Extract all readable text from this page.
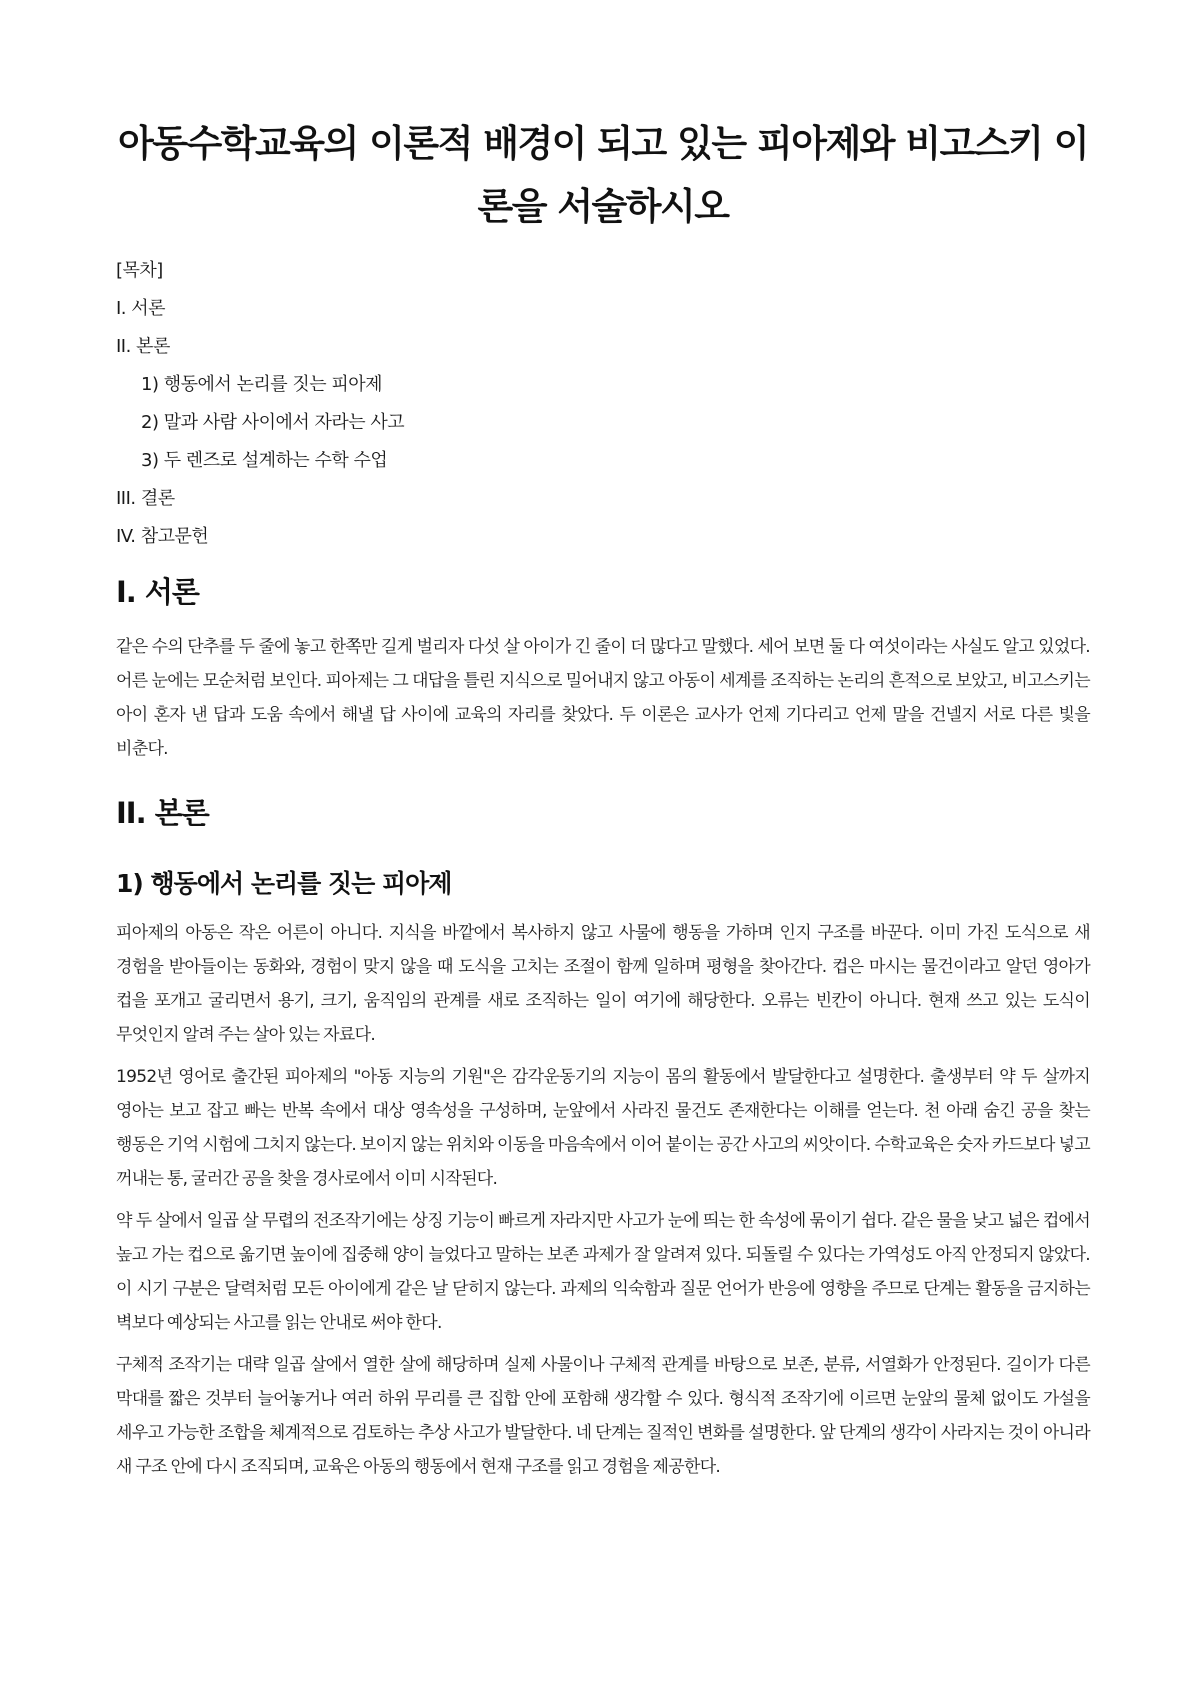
아동수학교육의 이론적 배경이 되고 있는 피아제와 비고스키 이론을 서술하시오
[목차]
I. 서론
II. 본론
1) 행동에서 논리를 짓는 피아제
2) 말과 사람 사이에서 자라는 사고
3) 두 렌즈로 설계하는 수학 수업
III. 결론
IV. 참고문헌
I. 서론

같은 수의 단추를 두 줄에 놓고 한쪽만 길게 벌리자 다섯 살 아이가 긴 줄이 더 많다고 말했다. 세어 보면 둘 다 여섯이라는 사실도 알고 있었다. 어른 눈에는 모순처럼 보인다. 피아제는 그 대답을 틀린 지식으로 밀어내지 않고 아동이 세계를 조직하는 논리의 흔적으로 보았고, 비고스키는 아이 혼자 낸 답과 도움 속에서 해낼 답 사이에 교육의 자리를 찾았다. 두 이론은 교사가 언제 기다리고 언제 말을 건넬지 서로 다른 빛을 비춘다.

II. 본론
1) 행동에서 논리를 짓는 피아제

피아제의 아동은 작은 어른이 아니다. 지식을 바깥에서 복사하지 않고 사물에 행동을 가하며 인지 구조를 바꾼다. 이미 가진 도식으로 새 경험을 받아들이는 동화와, 경험이 맞지 않을 때 도식을 고치는 조절이 함께 일하며 평형을 찾아간다. 컵은 마시는 물건이라고 알던 영아가 컵을 포개고 굴리면서 용기, 크기, 움직임의 관계를 새로 조직하는 일이 여기에 해당한다. 오류는 빈칸이 아니다. 현재 쓰고 있는 도식이 무엇인지 알려 주는 살아 있는 자료다.

1952년 영어로 출간된 피아제의 "아동 지능의 기원"은 감각운동기의 지능이 몸의 활동에서 발달한다고 설명한다. 출생부터 약 두 살까지 영아는 보고 잡고 빠는 반복 속에서 대상 영속성을 구성하며, 눈앞에서 사라진 물건도 존재한다는 이해를 얻는다. 천 아래 숨긴 공을 찾는 행동은 기억 시험에 그치지 않는다. 보이지 않는 위치와 이동을 마음속에서 이어 붙이는 공간 사고의 씨앗이다. 수학교육은 숫자 카드보다 넣고 꺼내는 통, 굴러간 공을 찾을 경사로에서 이미 시작된다.

약 두 살에서 일곱 살 무렵의 전조작기에는 상징 기능이 빠르게 자라지만 사고가 눈에 띄는 한 속성에 묶이기 쉽다. 같은 물을 낮고 넓은 컵에서 높고 가는 컵으로 옮기면 높이에 집중해 양이 늘었다고 말하는 보존 과제가 잘 알려져 있다. 되돌릴 수 있다는 가역성도 아직 안정되지 않았다. 이 시기 구분은 달력처럼 모든 아이에게 같은 날 닫히지 않는다. 과제의 익숙함과 질문 언어가 반응에 영향을 주므로 단계는 활동을 금지하는 벽보다 예상되는 사고를 읽는 안내로 써야 한다.

구체적 조작기는 대략 일곱 살에서 열한 살에 해당하며 실제 사물이나 구체적 관계를 바탕으로 보존, 분류, 서열화가 안정된다. 길이가 다른 막대를 짧은 것부터 늘어놓거나 여러 하위 무리를 큰 집합 안에 포함해 생각할 수 있다. 형식적 조작기에 이르면 눈앞의 물체 없이도 가설을 세우고 가능한 조합을 체계적으로 검토하는 추상 사고가 발달한다. 네 단계는 질적인 변화를 설명한다. 앞 단계의 생각이 사라지는 것이 아니라 새 구조 안에 다시 조직되며, 교육은 아동의 행동에서 현재 구조를 읽고 경험을 제공한다.
